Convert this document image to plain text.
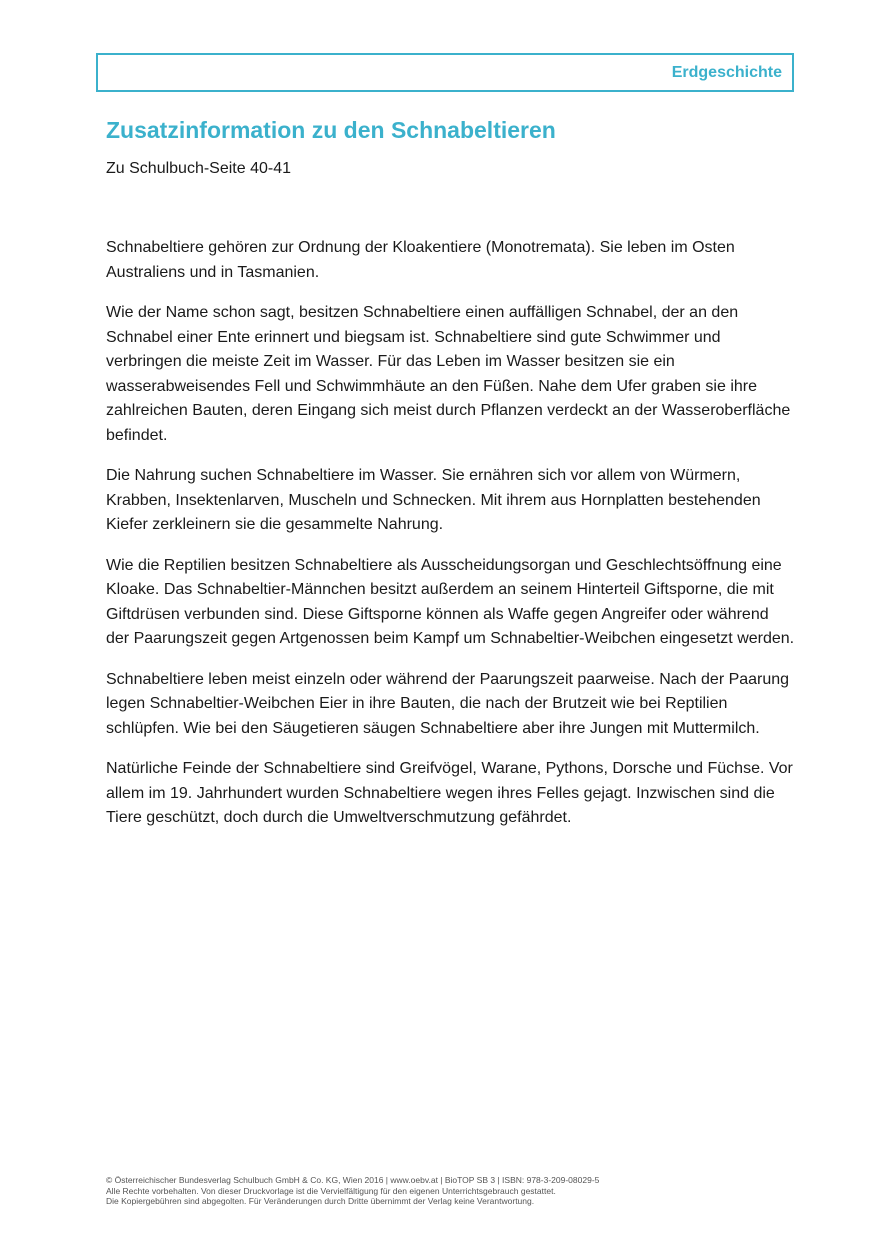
Erdgeschichte

Zusatzinformation zu den Schnabeltieren

Zu Schulbuch-Seite 40-41

Schnabeltiere gehören zur Ordnung der Kloakentiere (Monotremata). Sie leben im Osten Australiens und in Tasmanien.

Wie der Name schon sagt, besitzen Schnabeltiere einen auffälligen Schnabel, der an den Schnabel einer Ente erinnert und biegsam ist. Schnabeltiere sind gute Schwimmer und verbringen die meiste Zeit im Wasser. Für das Leben im Wasser besitzen sie ein wasserabweisendes Fell und Schwimmhäute an den Füßen. Nahe dem Ufer graben sie ihre zahlreichen Bauten, deren Eingang sich meist durch Pflanzen verdeckt an der Wasseroberfläche befindet.

Die Nahrung suchen Schnabeltiere im Wasser. Sie ernähren sich vor allem von Würmern, Krabben, Insektenlarven, Muscheln und Schnecken. Mit ihrem aus Hornplatten bestehenden Kiefer zerkleinern sie die gesammelte Nahrung.

Wie die Reptilien besitzen Schnabeltiere als Ausscheidungsorgan und Geschlechtsöffnung eine Kloake. Das Schnabeltier-Männchen besitzt außerdem an seinem Hinterteil Giftsporne, die mit Giftdrüsen verbunden sind. Diese Giftsporne können als Waffe gegen Angreifer oder während der Paarungszeit gegen Artgenossen beim Kampf um Schnabeltier-Weibchen eingesetzt werden.

Schnabeltiere leben meist einzeln oder während der Paarungszeit paarweise. Nach der Paarung legen Schnabeltier-Weibchen Eier in ihre Bauten, die nach der Brutzeit wie bei Reptilien schlüpfen. Wie bei den Säugetieren säugen Schnabeltiere aber ihre Jungen mit Muttermilch.

Natürliche Feinde der Schnabeltiere sind Greifvögel, Warane, Pythons, Dorsche und Füchse. Vor allem im 19. Jahrhundert wurden Schnabeltiere wegen ihres Felles gejagt. Inzwischen sind die Tiere geschützt, doch durch die Umweltverschmutzung gefährdet.

© Österreichischer Bundesverlag Schulbuch GmbH & Co. KG, Wien 2016 | www.oebv.at | BioTOP SB 3 | ISBN: 978-3-209-08029-5

Alle Rechte vorbehalten. Von dieser Druckvorlage ist die Vervielfältigung für den eigenen Unterrichtsgebrauch gestattet.

Die Kopiergebühren sind abgegolten. Für Veränderungen durch Dritte übernimmt der Verlag keine Verantwortung.
